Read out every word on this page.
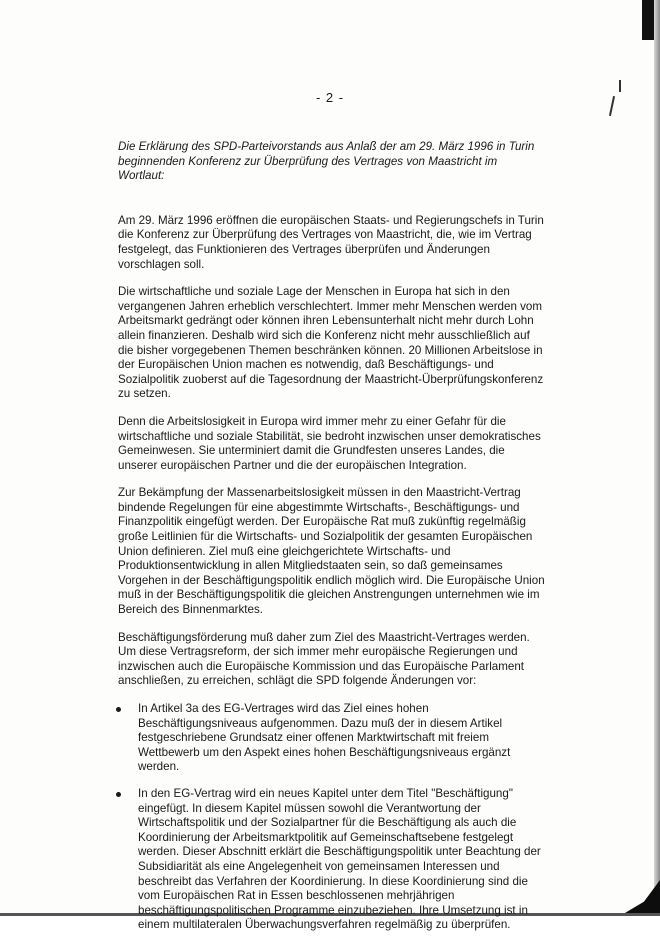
- 2 -

Die Erklärung des SPD-Parteivorstands aus Anlaß der am 29. März 1996 in Turin beginnenden Konferenz zur Überprüfung des Vertrages von Maastricht im Wortlaut:

Am 29. März 1996 eröffnen die europäischen Staats- und Regierungschefs in Turin die Konferenz zur Überprüfung des Vertrages von Maastricht, die, wie im Vertrag festgelegt, das Funktionieren des Vertrages überprüfen und Änderungen vorschlagen soll.

Die wirtschaftliche und soziale Lage der Menschen in Europa hat sich in den vergangenen Jahren erheblich verschlechtert. Immer mehr Menschen werden vom Arbeitsmarkt gedrängt oder können ihren Lebensunterhalt nicht mehr durch Lohn allein finanzieren. Deshalb wird sich die Konferenz nicht mehr ausschließlich auf die bisher vorgegebenen Themen beschränken können. 20 Millionen Arbeitslose in der Europäischen Union machen es notwendig, daß Beschäftigungs- und Sozialpolitik zuoberst auf die Tagesordnung der Maastricht-Überprüfungskonferenz zu setzen.

Denn die Arbeitslosigkeit in Europa wird immer mehr zu einer Gefahr für die wirtschaftliche und soziale Stabilität, sie bedroht inzwischen unser demokratisches Gemeinwesen. Sie unterminiert damit die Grundfesten unseres Landes, die unserer europäischen Partner und die der europäischen Integration.

Zur Bekämpfung der Massenarbeitslosigkeit müssen in den Maastricht-Vertrag bindende Regelungen für eine abgestimmte Wirtschafts-, Beschäftigungs- und Finanzpolitik eingefügt werden. Der Europäische Rat muß zukünftig regelmäßig große Leitlinien für die Wirtschafts- und Sozialpolitik der gesamten Europäischen Union definieren. Ziel muß eine gleichgerichtete Wirtschafts- und Produktionsentwicklung in allen Mitgliedstaaten sein, so daß gemeinsames Vorgehen in der Beschäftigungspolitik endlich möglich wird. Die Europäische Union muß in der Beschäftigungspolitik die gleichen Anstrengungen unternehmen wie im Bereich des Binnenmarktes.

Beschäftigungsförderung muß daher zum Ziel des Maastricht-Vertrages werden. Um diese Vertragsreform, der sich immer mehr europäische Regierungen und inzwischen auch die Europäische Kommission und das Europäische Parlament anschließen, zu erreichen, schlägt die SPD folgende Änderungen vor:

In Artikel 3a des EG-Vertrages wird das Ziel eines hohen Beschäftigungsniveaus aufgenommen. Dazu muß der in diesem Artikel festgeschriebene Grundsatz einer offenen Marktwirtschaft mit freiem Wettbewerb um den Aspekt eines hohen Beschäftigungsniveaus ergänzt werden.
In den EG-Vertrag wird ein neues Kapitel unter dem Titel "Beschäftigung" eingefügt. In diesem Kapitel müssen sowohl die Verantwortung der Wirtschaftspolitik und der Sozialpartner für die Beschäftigung als auch die Koordinierung der Arbeitsmarktpolitik auf Gemeinschaftsebene festgelegt werden. Dieser Abschnitt erklärt die Beschäftigungspolitik unter Beachtung der Subsidiarität als eine Angelegenheit von gemeinsamen Interessen und beschreibt das Verfahren der Koordinierung. In diese Koordinierung sind die vom Europäischen Rat in Essen beschlossenen mehrjährigen beschäftigungspolitischen Programme einzubeziehen. Ihre Umsetzung ist in einem multilateralen Überwachungsverfahren regelmäßig zu überprüfen.
